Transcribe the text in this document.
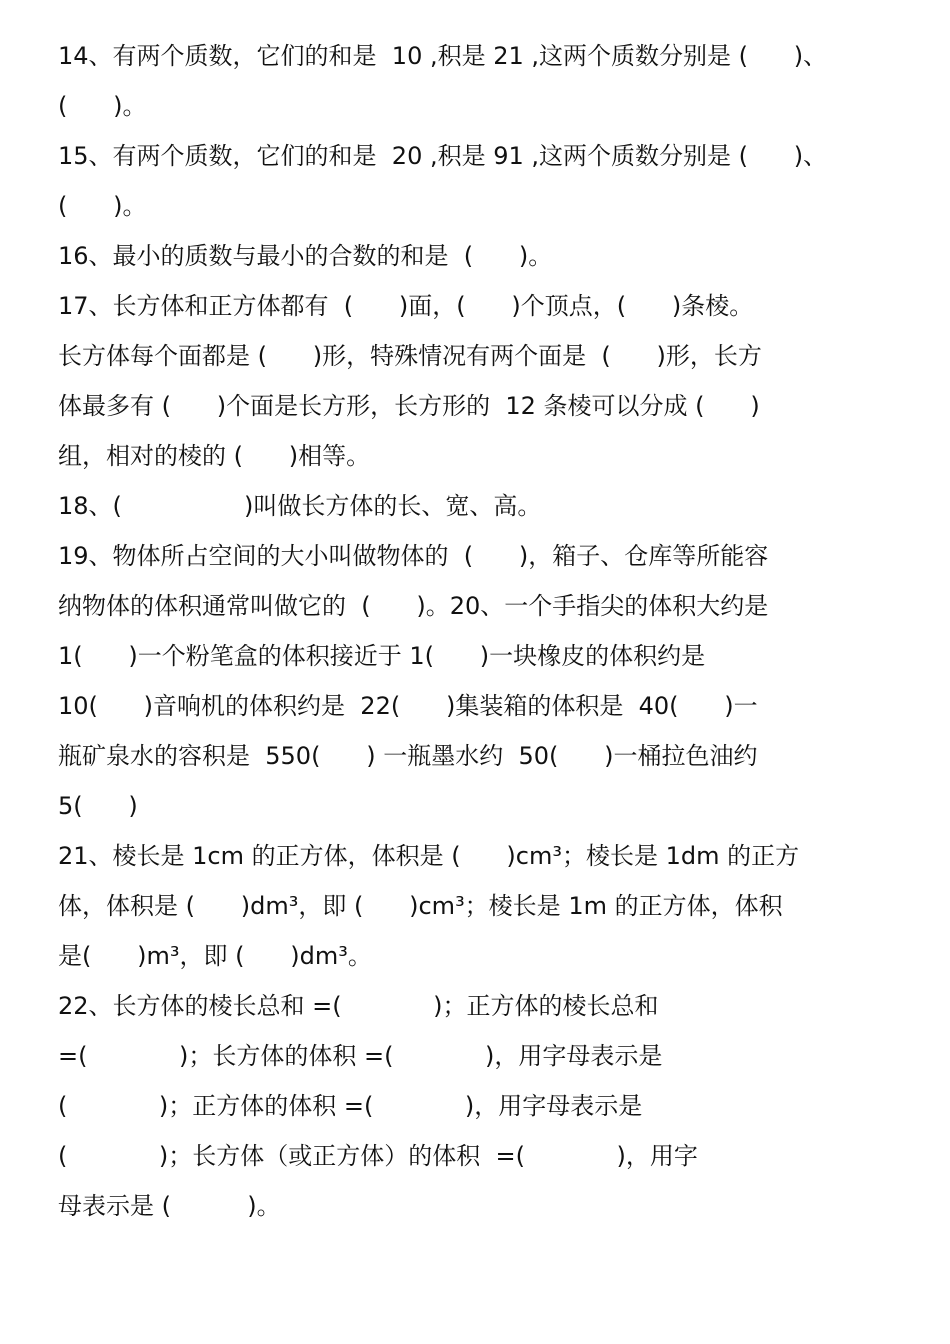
14、有两个质数，它们的和是  10 ,积是 21 ,这两个质数分别是 (      )、
(      )。
15、有两个质数，它们的和是  20 ,积是 91 ,这两个质数分别是 (      )、
(      )。
16、最小的质数与最小的合数的和是  (      )。
17、长方体和正方体都有  (      )面，(      )个顶点，(      )条棱。
长方体每个面都是 (      )形，特殊情况有两个面是  (      )形，长方
体最多有 (      )个面是长方形，长方形的  12 条棱可以分成 (      )
组，相对的棱的 (      )相等。
18、(                )叫做长方体的长、宽、高。
19、物体所占空间的大小叫做物体的  (      )，箱子、仓库等所能容
纳物体的体积通常叫做它的  (      )。20、一个手指尖的体积大约是
1(      )一个粉笔盒的体积接近于 1(      )一块橡皮的体积约是
10(      )音响机的体积约是  22(      )集装箱的体积是  40(      )一
瓶矿泉水的容积是  550(      ) 一瓶墨水约  50(      )一桶拉色油约
5(      )
21、棱长是 1cm 的正方体，体积是 (      )cm³；棱长是 1dm 的正方
体，体积是 (      )dm³，即 (      )cm³；棱长是 1m 的正方体，体积
是(      )m³，即 (      )dm³。
22、长方体的棱长总和 =(            )；正方体的棱长总和
=(            )；长方体的体积 =(            )，用字母表示是
(            )；正方体的体积 =(            )，用字母表示是
(            )；长方体（或正方体）的体积  =(            )，用字
母表示是 (          )。
